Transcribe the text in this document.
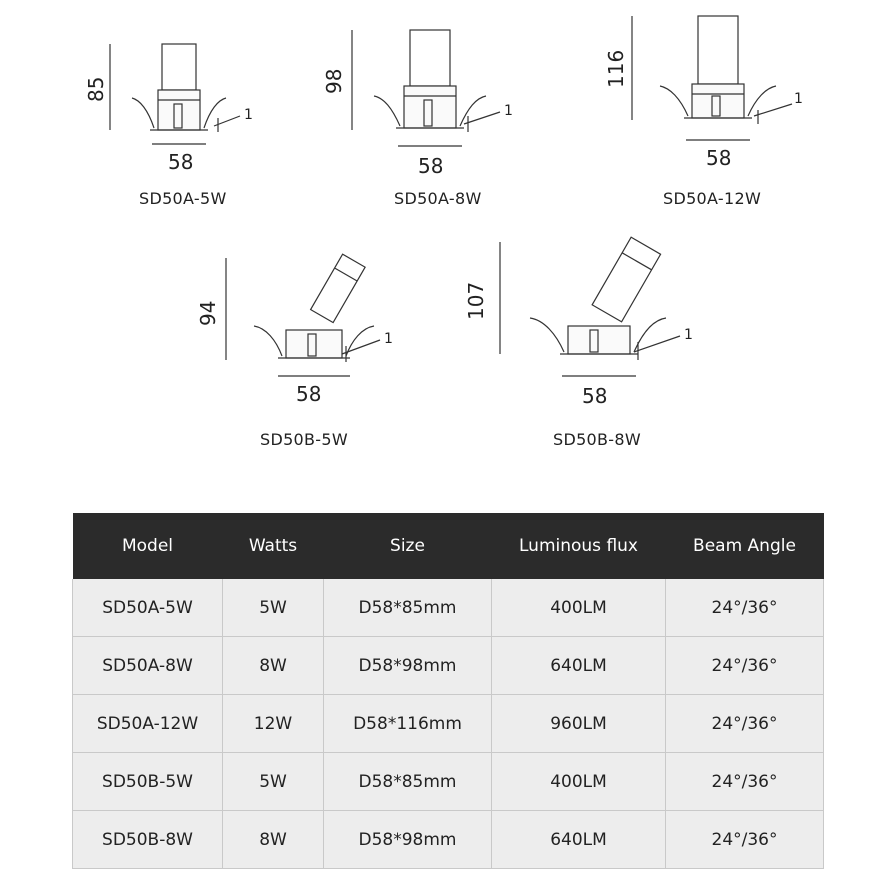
85
1
58
SD50A-5W
98
1
58
SD50A-8W
116
1
58
SD50A-12W
94
1
58
SD50B-5W
107
1
58
SD50B-8W
Model	Watts	Size	Luminous flux	Beam Angle
SD50A-5W	5W	D58*85mm	400LM	24°/36°
SD50A-8W	8W	D58*98mm	640LM	24°/36°
SD50A-12W	12W	D58*116mm	960LM	24°/36°
SD50B-5W	5W	D58*85mm	400LM	24°/36°
SD50B-8W	8W	D58*98mm	640LM	24°/36°
